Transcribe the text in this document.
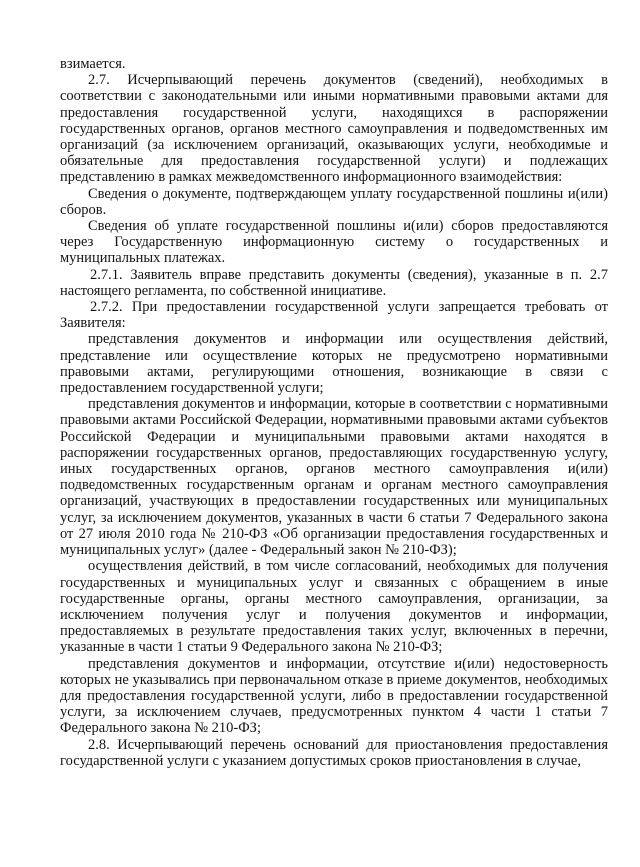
взимается.

2.7. Исчерпывающий перечень документов (сведений), необходимых в соответствии с законодательными или иными нормативными правовыми актами для предоставления государственной услуги, находящихся в распоряжении государственных органов, органов местного самоуправления и подведомственных им организаций (за исключением организаций, оказывающих услуги, необходимые и обязательные для предоставления государственной услуги) и подлежащих представлению в рамках межведомственного информационного взаимодействия:

Сведения о документе, подтверждающем уплату государственной пошлины и(или) сборов.

Сведения об уплате государственной пошлины и(или) сборов предоставляются через Государственную информационную систему о государственных и муниципальных платежах.

2.7.1. Заявитель вправе представить документы (сведения), указанные в п. 2.7 настоящего регламента, по собственной инициативе.

2.7.2. При предоставлении государственной услуги запрещается требовать от Заявителя:

представления документов и информации или осуществления действий, представление или осуществление которых не предусмотрено нормативными правовыми актами, регулирующими отношения, возникающие в связи с предоставлением государственной услуги;

представления документов и информации, которые в соответствии с нормативными правовыми актами Российской Федерации, нормативными правовыми актами субъектов Российской Федерации и муниципальными правовыми актами находятся в распоряжении государственных органов, предоставляющих государственную услугу, иных государственных органов, органов местного самоуправления и(или) подведомственных государственным органам и органам местного самоуправления организаций, участвующих в предоставлении государственных или муниципальных услуг, за исключением документов, указанных в части 6 статьи 7 Федерального закона от 27 июля 2010 года № 210-ФЗ «Об организации предоставления государственных и муниципальных услуг» (далее - Федеральный закон № 210-ФЗ);

осуществления действий, в том числе согласований, необходимых для получения государственных и муниципальных услуг и связанных с обращением в иные государственные органы, органы местного самоуправления, организации, за исключением получения услуг и получения документов и информации, предоставляемых в результате предоставления таких услуг, включенных в перечни, указанные в части 1 статьи 9 Федерального закона № 210-ФЗ;

представления документов и информации, отсутствие и(или) недостоверность которых не указывались при первоначальном отказе в приеме документов, необходимых для предоставления государственной услуги, либо в предоставлении государственной услуги, за исключением случаев, предусмотренных пунктом 4 части 1 статьи 7 Федерального закона № 210-ФЗ;

2.8. Исчерпывающий перечень оснований для приостановления предоставления государственной услуги с указанием допустимых сроков приостановления в случае,
